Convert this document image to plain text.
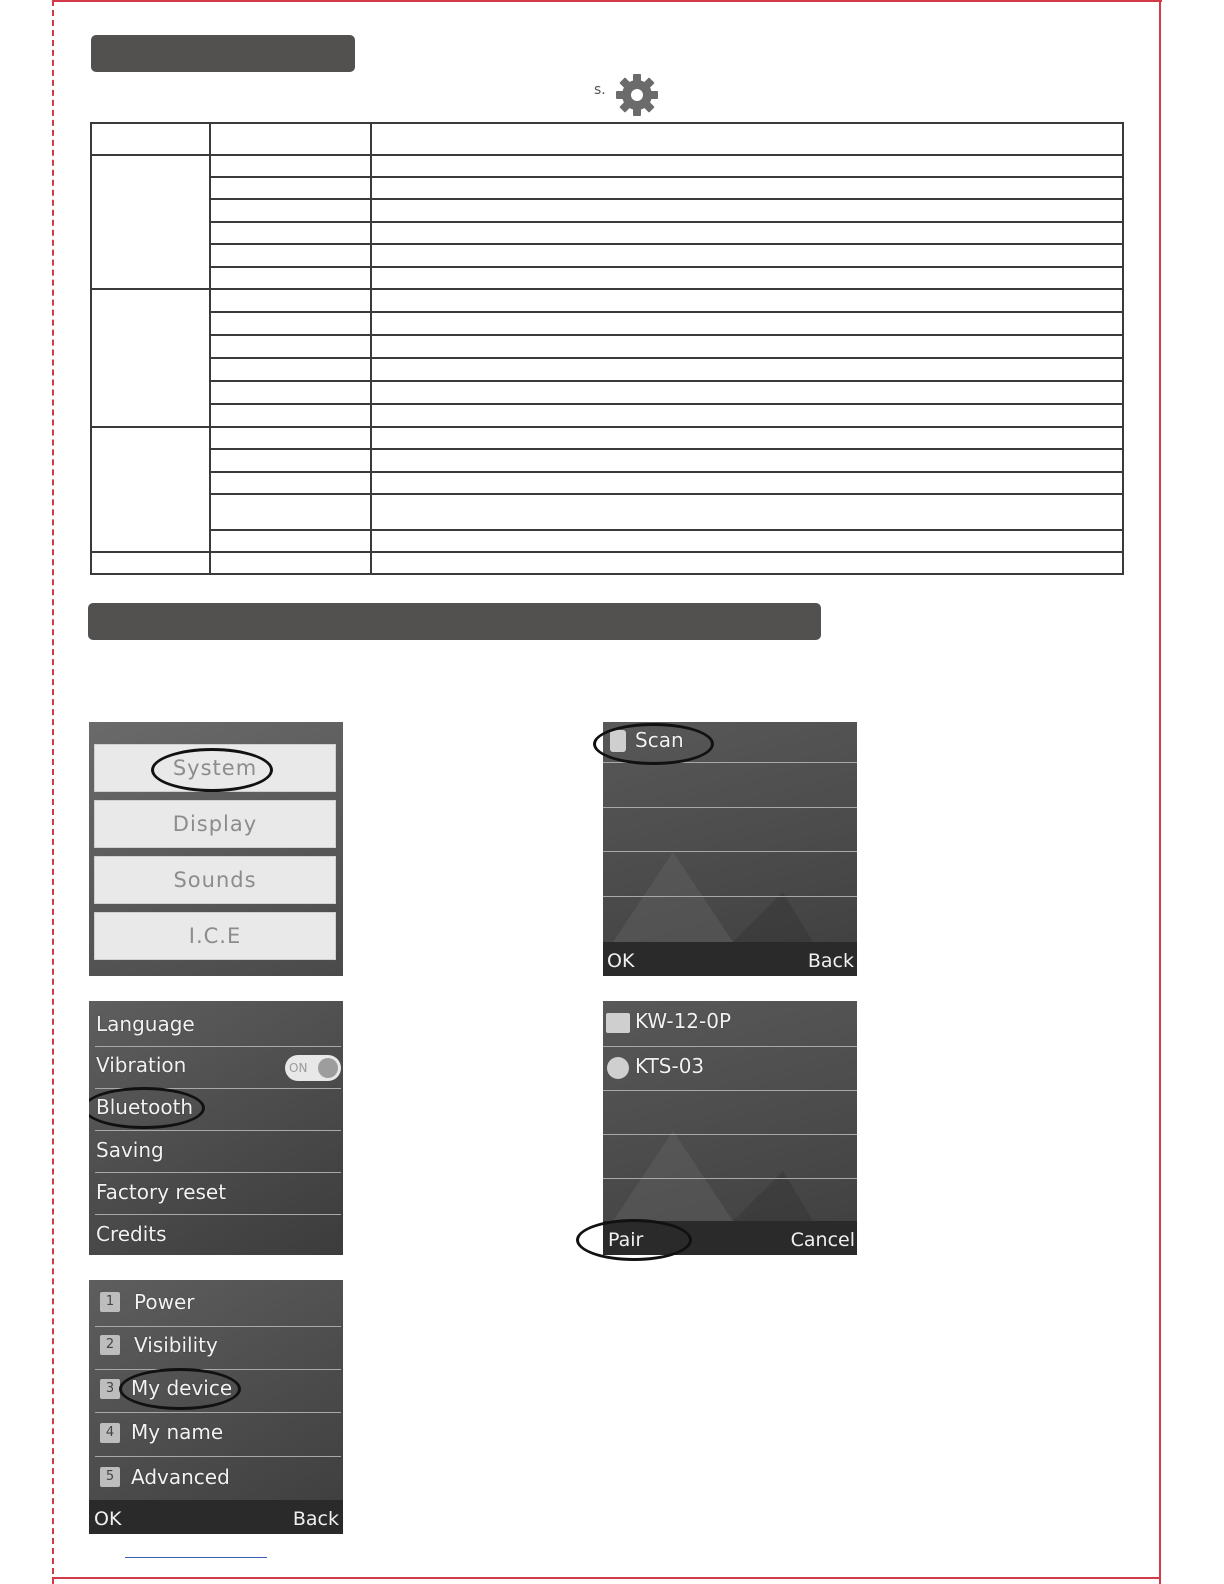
s.
System
Display
Sounds
I.C.E
Language
Vibration	ON
Bluetooth
Saving
Factory reset
Credits
1 Power
2 Visibility
3 My device
4 My name
5 Advanced
OK	Back
Scan
OK	Back
KW-12-0P
KTS-03
Pair	Cancel
